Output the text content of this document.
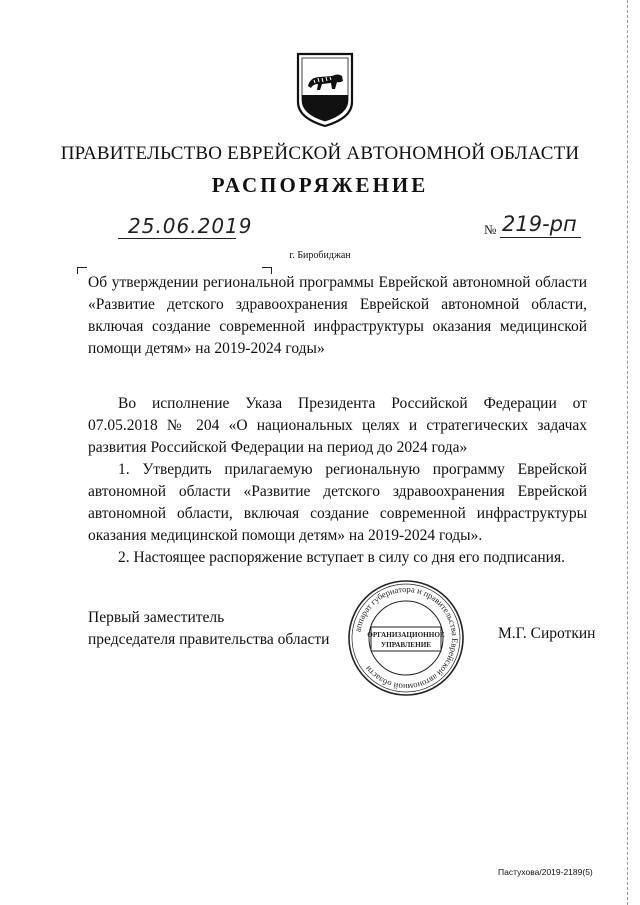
ПРАВИТЕЛЬСТВО ЕВРЕЙСКОЙ АВТОНОМНОЙ ОБЛАСТИ
РАСПОРЯЖЕНИЕ
25.06.2019	№ 219-рп
г. Биробиджан
Об утверждении региональной программы Еврейской автономной области «Развитие детского здравоохранения Еврейской автономной области, включая создание современной инфраструктуры оказания медицинской помощи детям» на 2019-2024 годы»

Во исполнение Указа Президента Российской Федерации от 07.05.2018 № 204 «О национальных целях и стратегических задачах развития Российской Федерации на период до 2024 года»

1. Утвердить прилагаемую региональную программу Еврейской автономной области «Развитие детского здравоохранения Еврейской автономной области, включая создание современной инфраструктуры оказания медицинской помощи детям» на 2019-2024 годы».

2. Настоящее распоряжение вступает в силу со дня его подписания.

Первый заместитель
председателя правительства области
аппарат губернатора и правительства Еврейской автономной области
ОРГАНИЗАЦИОННОЕ
УПРАВЛЕНИЕ
М.Г. Сироткин
Пастухова/2019-2189(5)
